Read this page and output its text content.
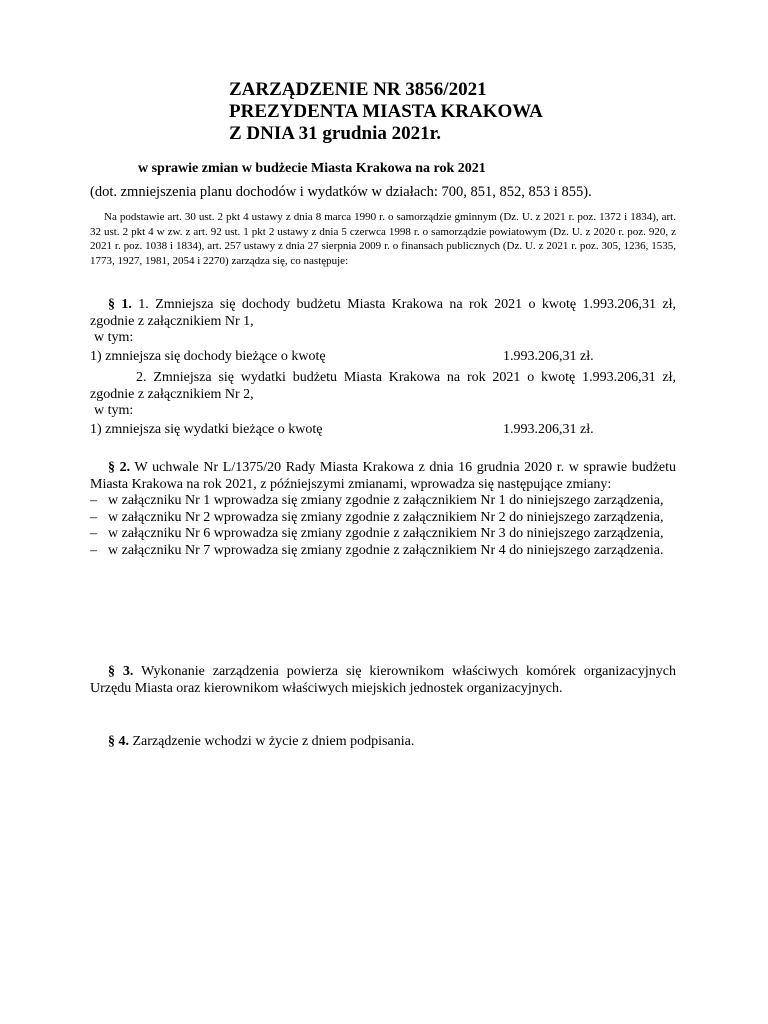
ZARZĄDZENIE NR 3856/2021
PREZYDENTA MIASTA KRAKOWA
Z DNIA 31 grudnia 2021r.
w sprawie zmian w budżecie Miasta Krakowa na rok 2021
(dot. zmniejszenia planu dochodów i wydatków w działach: 700, 851, 852, 853 i 855).

Na podstawie art. 30 ust. 2 pkt 4 ustawy z dnia 8 marca 1990 r. o samorządzie gminnym (Dz. U. z 2021 r. poz. 1372 i 1834), art. 32 ust. 2 pkt 4 w zw. z art. 92 ust. 1 pkt 2 ustawy z dnia 5 czerwca 1998 r. o samorządzie powiatowym (Dz. U. z 2020 r. poz. 920, z 2021 r. poz. 1038 i 1834), art. 257 ustawy z dnia 27 sierpnia 2009 r. o finansach publicznych (Dz. U. z 2021 r. poz. 305, 1236, 1535, 1773, 1927, 1981, 2054 i 2270) zarządza się, co następuje:

§ 1. 1. Zmniejsza się dochody budżetu Miasta Krakowa na rok 2021 o kwotę 1.993.206,31 zł, zgodnie z załącznikiem Nr 1,
w tym:
1) zmniejsza się dochody bieżące o kwotę	1.993.206,31 zł.
2. Zmniejsza się wydatki budżetu Miasta Krakowa na rok 2021 o kwotę 1.993.206,31 zł, zgodnie z załącznikiem Nr 2,
w tym:
1) zmniejsza się wydatki bieżące o kwotę	1.993.206,31 zł.
§ 2. W uchwale Nr L/1375/20 Rady Miasta Krakowa z dnia 16 grudnia 2020 r. w sprawie budżetu Miasta Krakowa na rok 2021, z późniejszymi zmianami, wprowadza się następujące zmiany:
– w załączniku Nr 1 wprowadza się zmiany zgodnie z załącznikiem Nr 1 do niniejszego zarządzenia,
– w załączniku Nr 2 wprowadza się zmiany zgodnie z załącznikiem Nr 2 do niniejszego zarządzenia,
– w załączniku Nr 6 wprowadza się zmiany zgodnie z załącznikiem Nr 3 do niniejszego zarządzenia,
– w załączniku Nr 7 wprowadza się zmiany zgodnie z załącznikiem Nr 4 do niniejszego zarządzenia.
§ 3. Wykonanie zarządzenia powierza się kierownikom właściwych komórek organizacyjnych Urzędu Miasta oraz kierownikom właściwych miejskich jednostek organizacyjnych.
§ 4. Zarządzenie wchodzi w życie z dniem podpisania.
